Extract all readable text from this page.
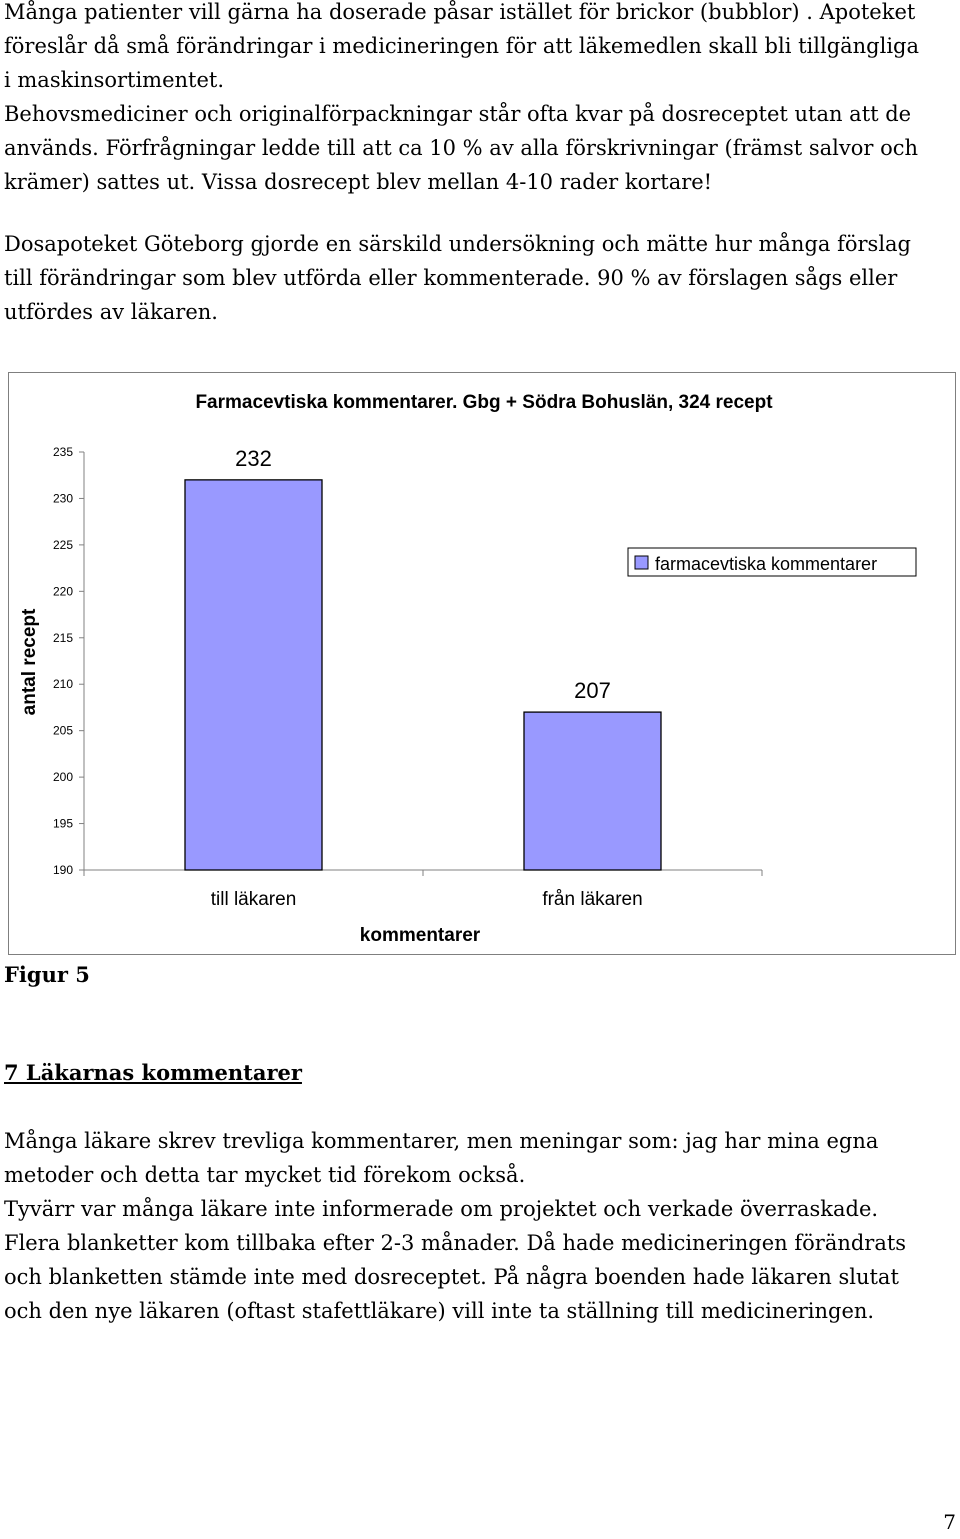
Många patienter vill gärna ha doserade påsar istället för brickor (bubblor) . Apoteket
föreslår då små förändringar i medicineringen för att läkemedlen skall bli tillgängliga
i maskinsortimentet.
Behovsmediciner och originalförpackningar står ofta kvar på dosreceptet utan att de
används. Förfrågningar ledde till att ca 10 % av alla förskrivningar (främst salvor och
krämer) sattes ut. Vissa dosrecept blev mellan 4-10 rader kortare!

Dosapoteket Göteborg gjorde en särskild undersökning och mätte hur många förslag
till förändringar som blev utförda eller kommenterade. 90 % av förslagen sågs eller
utfördes av läkaren.

Farmacevtiska kommentarer. Gbg + Södra Bohuslän, 324 recept
190
195
200
205
210
215
220
225
230
235	232
till läkaren
207
från läkaren
kommentarer
antal recept
farmacevtiska kommentarer
Figur 5
7 Läkarnas kommentarer

Många läkare skrev trevliga kommentarer, men meningar som: jag har mina egna
metoder och detta tar mycket tid förekom också.
Tyvärr var många läkare inte informerade om projektet och verkade överraskade.
Flera blanketter kom tillbaka efter 2-3 månader. Då hade medicineringen förändrats
och blanketten stämde inte med dosreceptet. På några boenden hade läkaren slutat
och den nye läkaren (oftast stafettläkare) vill inte ta ställning till medicineringen.

7
